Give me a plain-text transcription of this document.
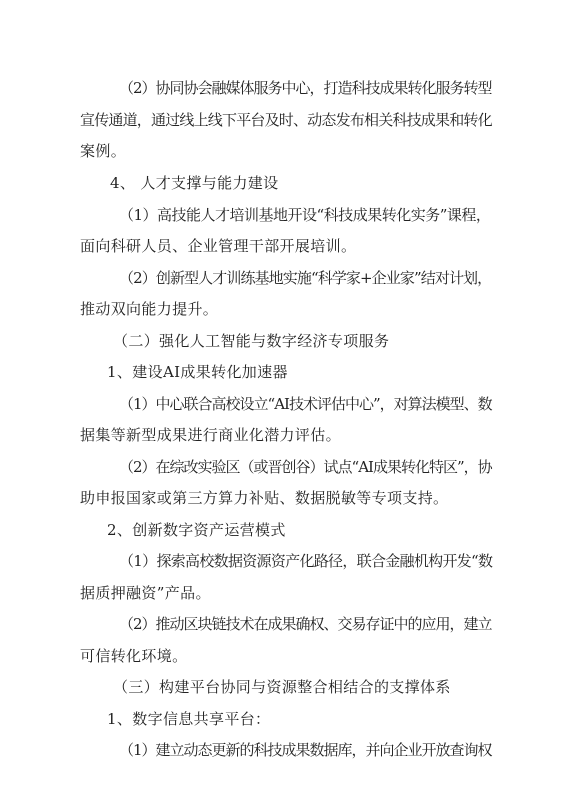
（2）协同协会融媒体服务中心，打造科技成果转化服务转型
宣传通道，通过线上线下平台及时、动态发布相关科技成果和转化
案例。
4、 人才支撑与能力建设
（1）高技能人才培训基地开设“科技成果转化实务”课程，
面向科研人员、企业管理干部开展培训。
（2）创新型人才训练基地实施“科学家+企业家”结对计划，
推动双向能力提升。
（二）强化人工智能与数字经济专项服务
1、建设AI成果转化加速器
（1）中心联合高校设立“AI技术评估中心”，对算法模型、数
据集等新型成果进行商业化潜力评估。
（2）在综改实验区（或晋创谷）试点“AI成果转化特区”，协
助申报国家或第三方算力补贴、数据脱敏等专项支持。
2、创新数字资产运营模式
（1）探索高校数据资源资产化路径，联合金融机构开发“数
据质押融资”产品。
（2）推动区块链技术在成果确权、交易存证中的应用，建立
可信转化环境。
（三）构建平台协同与资源整合相结合的支撑体系
1、数字信息共享平台：
（1）建立动态更新的科技成果数据库，并向企业开放查询权
